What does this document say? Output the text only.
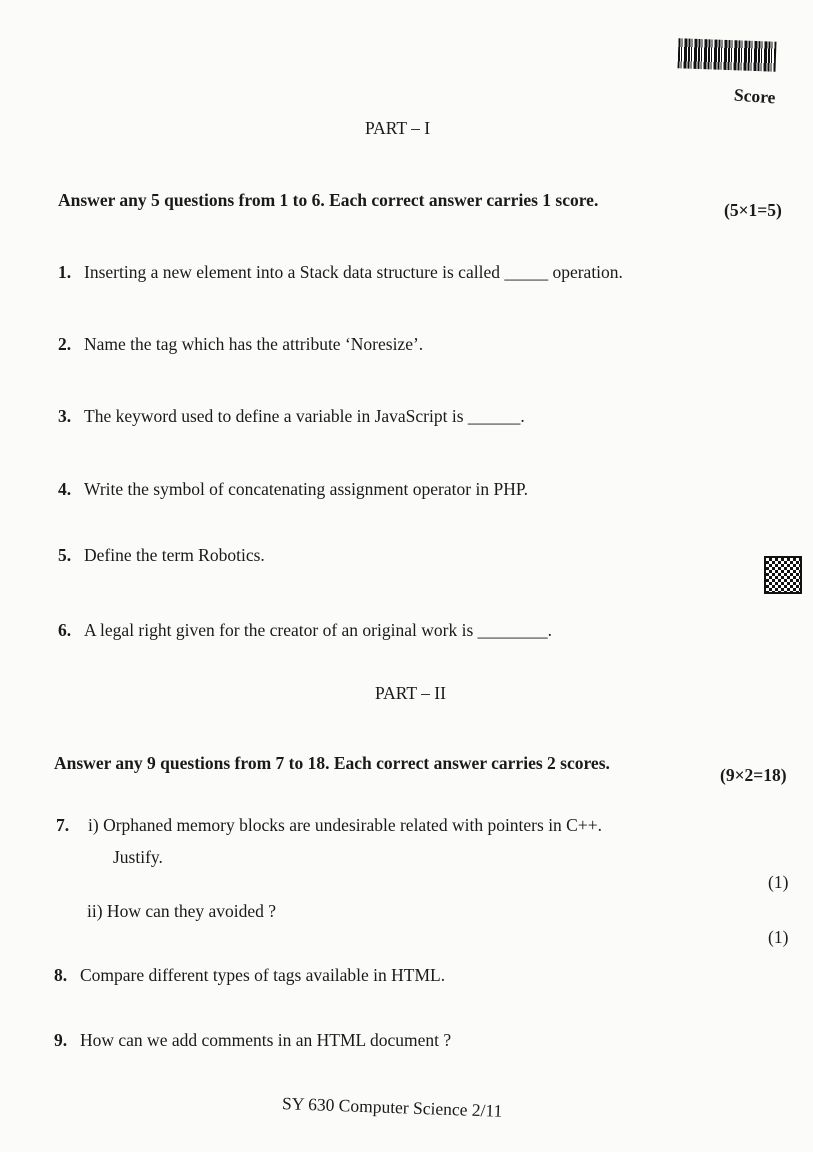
Score
PART – I
Answer any 5 questions from 1 to 6. Each correct answer carries 1 score.	(5×1=5)
1. Inserting a new element into a Stack data structure is called _____ operation.
2. Name the tag which has the attribute ‘Noresize’.
3. The keyword used to define a variable in JavaScript is ______.
4. Write the symbol of concatenating assignment operator in PHP.
5. Define the term Robotics.
6. A legal right given for the creator of an original work is ________.
PART – II
Answer any 9 questions from 7 to 18. Each correct answer carries 2 scores.
(9×2=18)
7. i) Orphaned memory blocks are undesirable related with pointers in C++.
Justify.
(1)
ii) How can they avoided ?
(1)
8. Compare different types of tags available in HTML.
9. How can we add comments in an HTML document ?
SY 630 Computer Science 2/11
